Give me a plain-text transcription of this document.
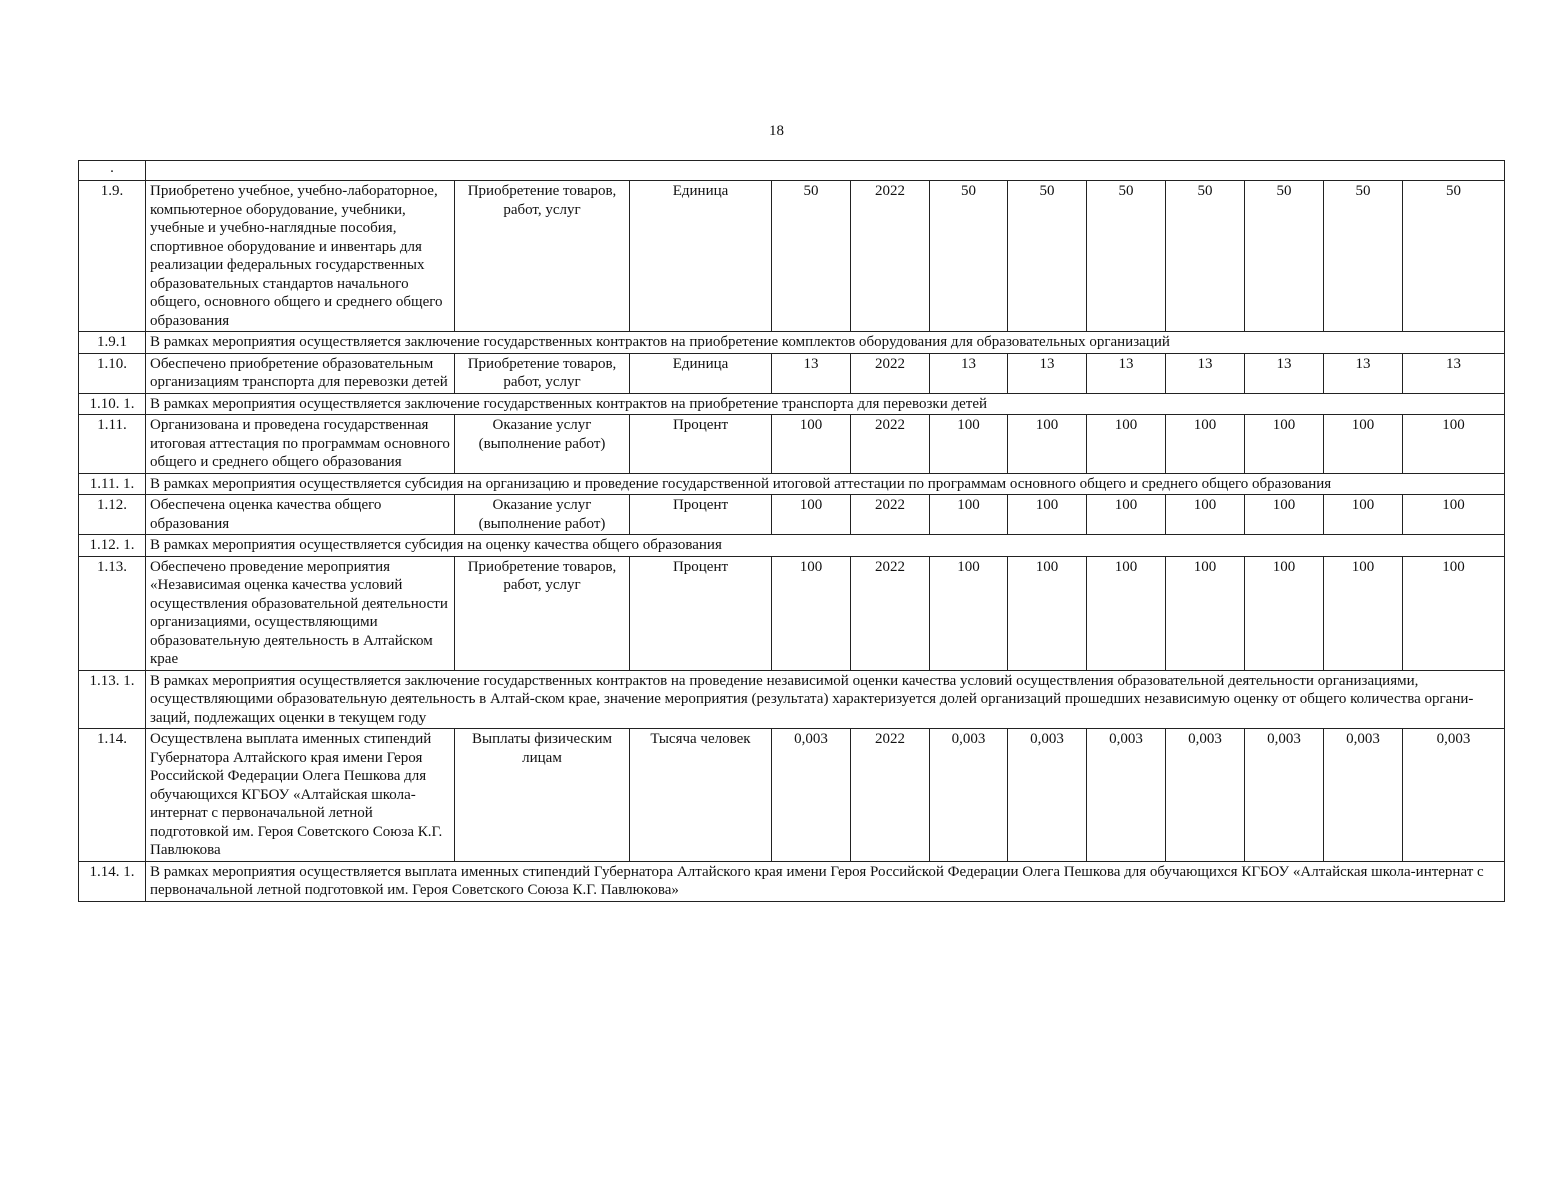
18
.												

1.9.	Приобретено учебное, учебно-лабораторное, компьютерное оборудование, учебники, учебные и учебно-наглядные пособия, спортивное оборудование и инвентарь для реализации федеральных государственных образовательных стандартов начального общего, основного общего и среднего общего образования	Приобретение товаров, работ, услуг	Единица	50	2022	50	50	50	50	50	50	50
1.9.1	В рамках мероприятия осуществляется заключение государственных контрактов на приобретение комплектов оборудования для образовательных организаций											
1.10.	Обеспечено приобретение образовательным организациям транспорта для перевозки детей	Приобретение товаров, работ, услуг	Единица	13	2022	13	13	13	13	13	13	13
1.10. 1.	В рамках мероприятия осуществляется заключение государственных контрактов на приобретение транспорта для перевозки детей											
1.11.	Организована и проведена государственная итоговая аттестация по программам основного общего и среднего общего образования	Оказание услуг (выполнение работ)	Процент	100	2022	100	100	100	100	100	100	100
1.11. 1.	В рамках мероприятия осуществляется субсидия на организацию и проведение государственной итоговой аттестации по программам основного общего и среднего общего образования											
1.12.	Обеспечена оценка качества общего образования	Оказание услуг (выполнение работ)	Процент	100	2022	100	100	100	100	100	100	100
1.12. 1.	В рамках мероприятия осуществляется субсидия на оценку качества общего образования											
1.13.	Обеспечено проведение мероприятия «Независимая оценка качества условий осуществления образовательной деятельности организациями, осуществляющими образовательную деятельность в Алтайском крае	Приобретение товаров, работ, услуг	Процент	100	2022	100	100	100	100	100	100	100
1.13. 1.	В рамках мероприятия осуществляется заключение государственных контрактов на проведение независимой оценки качества условий осуществления образовательной деятельности организациями, осуществляющими образовательную деятельность в Алтай-ском крае, значение мероприятия (результата) характеризуется долей организаций прошедших независимую оценку от общего количества органи-заций, подлежащих оценки в текущем году											
1.14.	Осуществлена выплата именных стипендий Губернатора Алтайского края имени Героя Российской Федерации Олега Пешкова для обучающихся КГБОУ «Алтайская школа-интернат с первоначальной летной подготовкой им. Героя Советского Союза К.Г. Павлюкова	Выплаты физическим лицам	Тысяча человек	0,003	2022	0,003	0,003	0,003	0,003	0,003	0,003	0,003
1.14. 1.	В рамках мероприятия осуществляется выплата именных стипендий Губернатора Алтайского края имени Героя Российской Федерации Олега Пешкова для обучающихся КГБОУ «Алтайская школа-интернат с первоначальной летной подготовкой им. Героя Советского Союза К.Г. Павлюкова»											
